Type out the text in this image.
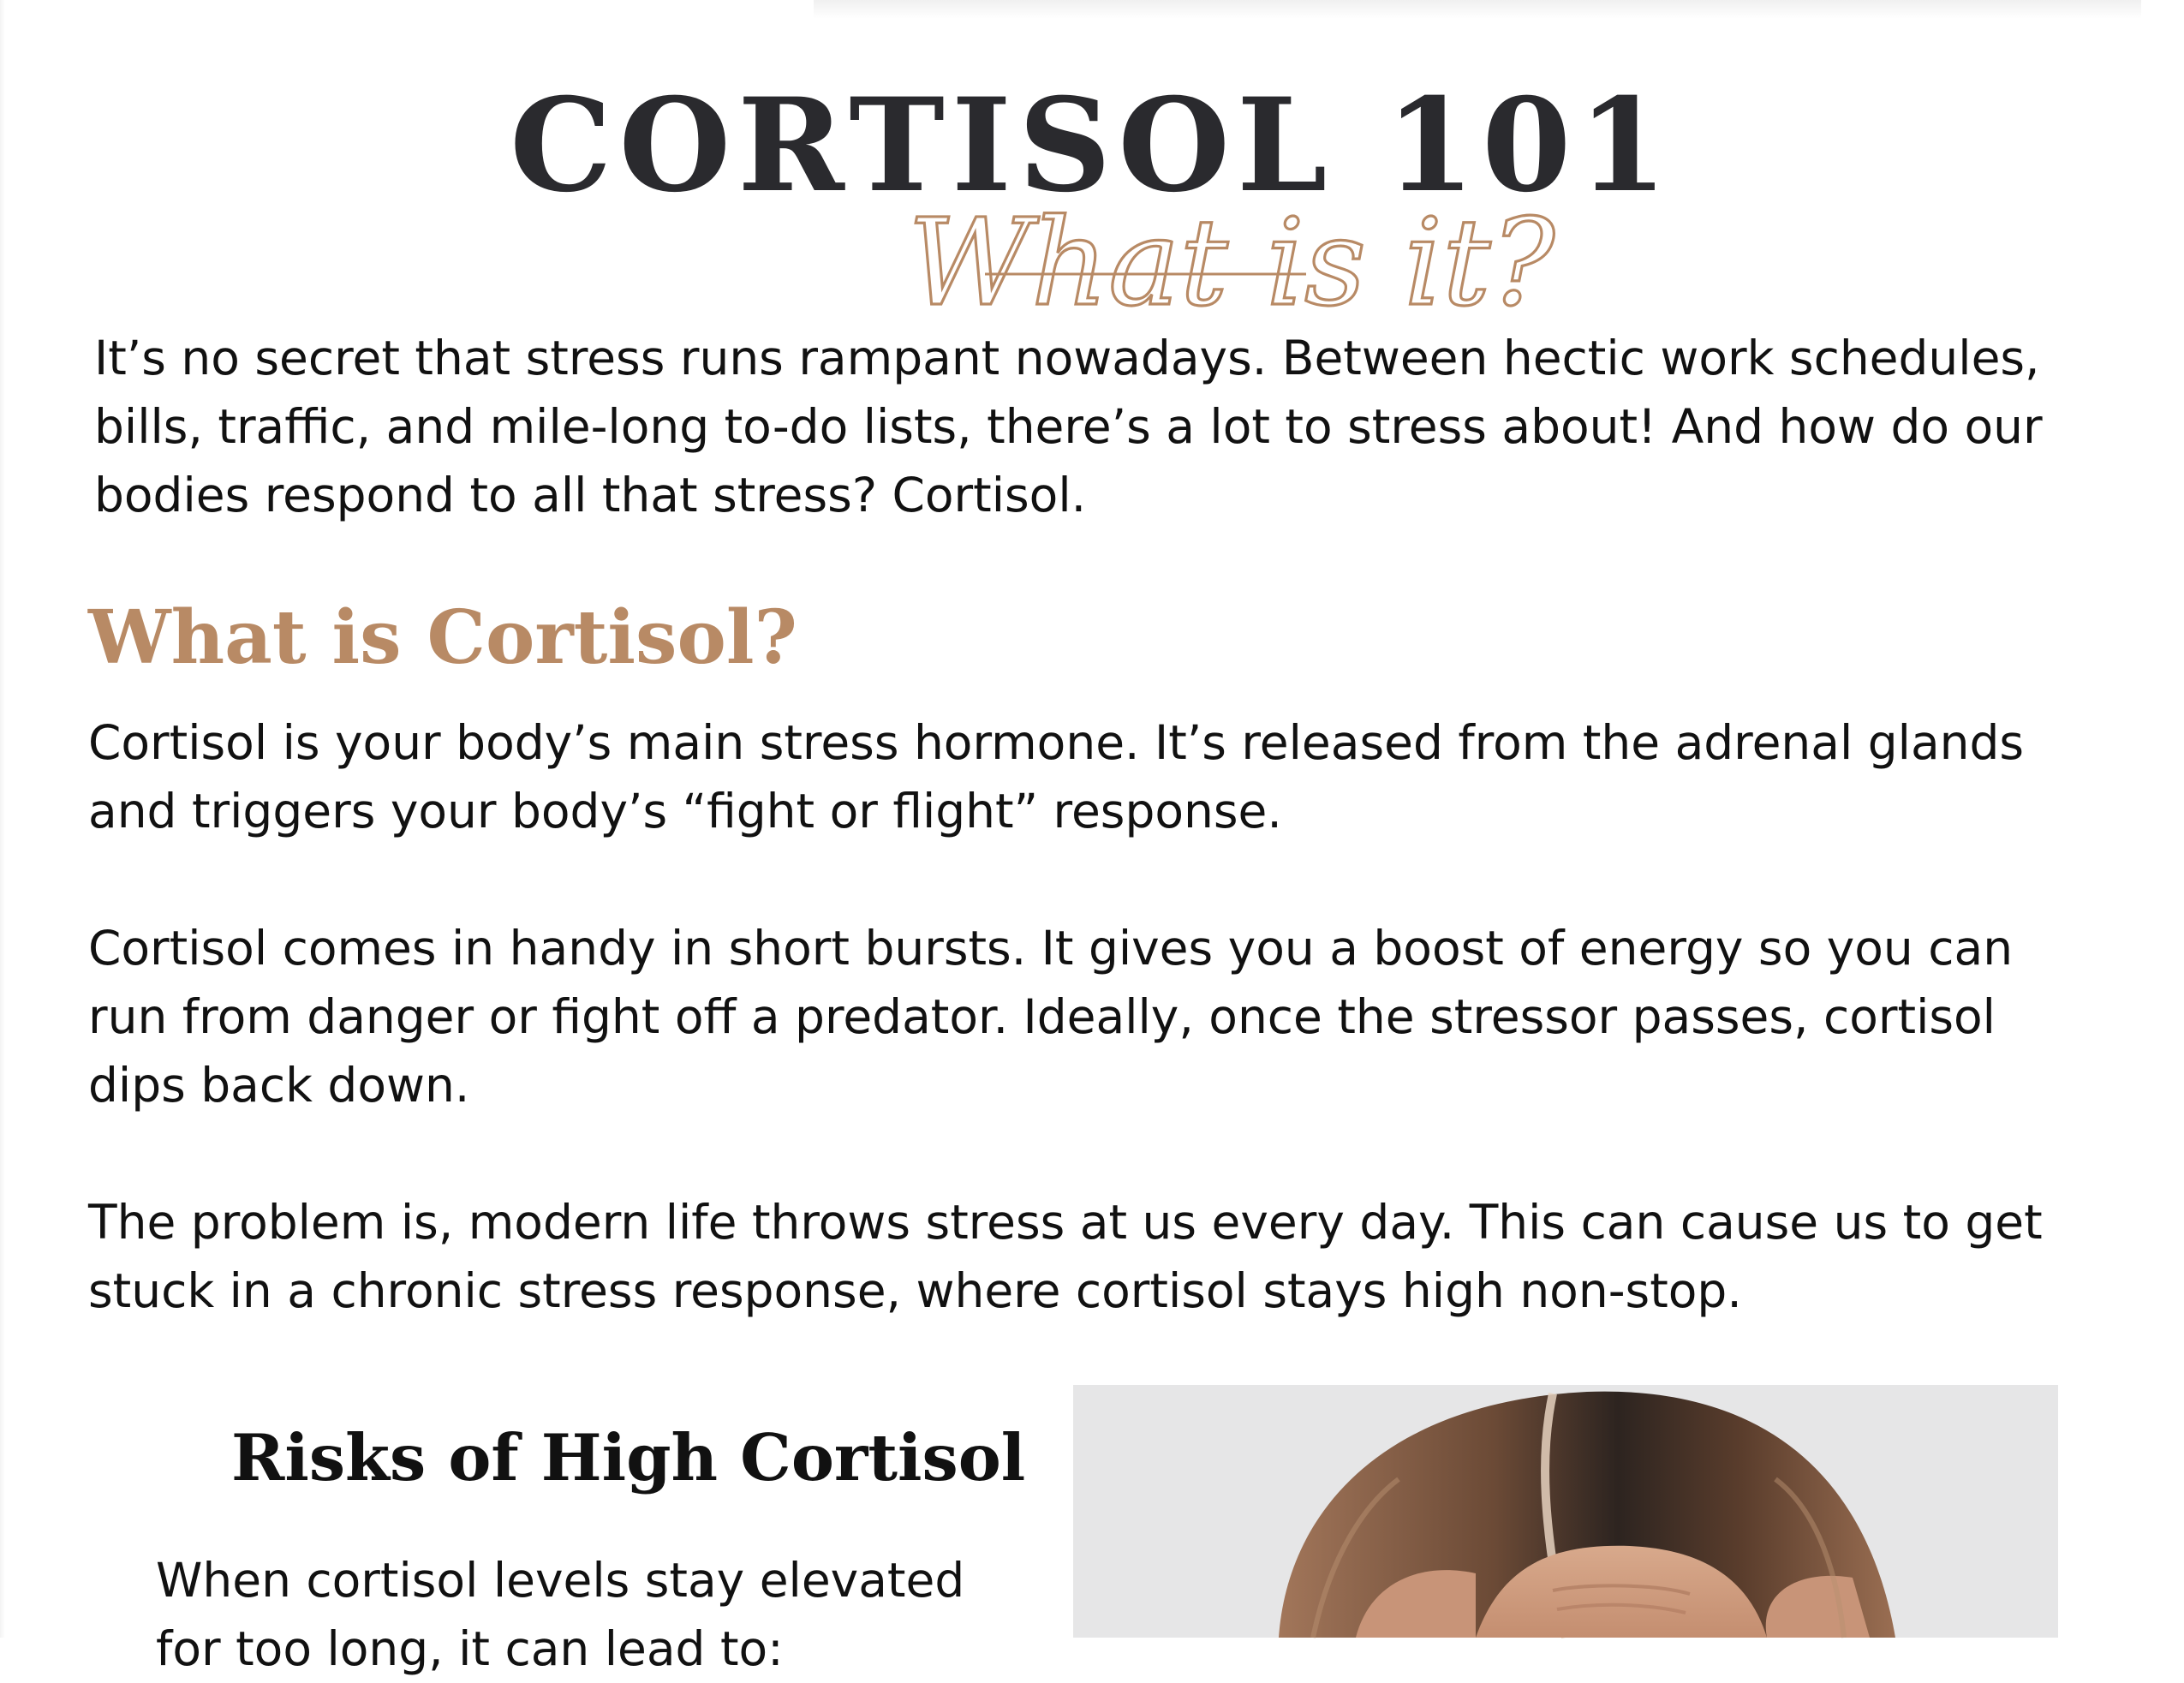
CORTISOL 101
What is it?

It’s no secret that stress runs rampant nowadays. Between hectic work schedules, bills, traffic, and mile-long to-do lists, there’s a lot to stress about! And how do our bodies respond to all that stress? Cortisol.

What is Cortisol?

Cortisol is your body’s main stress hormone. It’s released from the adrenal glands and triggers your body’s “fight or flight” response.

Cortisol comes in handy in short bursts. It gives you a boost of energy so you can run from danger or fight off a predator. Ideally, once the stressor passes, cortisol dips back down.

The problem is, modern life throws stress at us every day. This can cause us to get stuck in a chronic stress response, where cortisol stays high non-stop.

Risks of High Cortisol

When cortisol levels stay elevated for too long, it can lead to:
